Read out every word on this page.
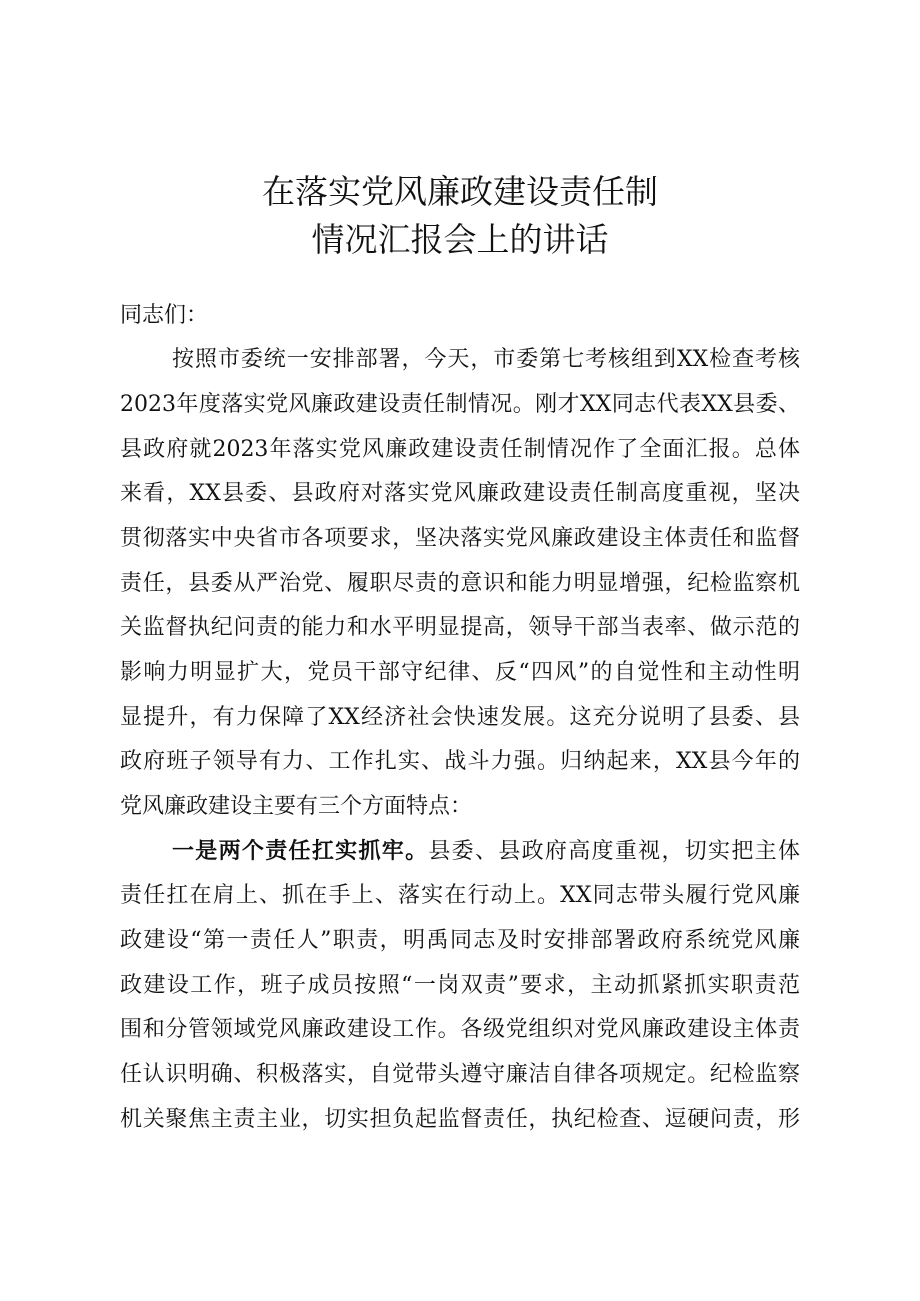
在落实党风廉政建设责任制
情况汇报会上的讲话
同志们：
按照市委统一安排部署，今天，市委第七考核组到XX检查考核
2023年度落实党风廉政建设责任制情况。刚才XX同志代表XX县委、
县政府就2023年落实党风廉政建设责任制情况作了全面汇报。总体
来看，XX县委、县政府对落实党风廉政建设责任制高度重视，坚决
贯彻落实中央省市各项要求，坚决落实党风廉政建设主体责任和监督
责任，县委从严治党、履职尽责的意识和能力明显增强，纪检监察机
关监督执纪问责的能力和水平明显提高，领导干部当表率、做示范的
影响力明显扩大，党员干部守纪律、反“四风”的自觉性和主动性明
显提升，有力保障了XX经济社会快速发展。这充分说明了县委、县
政府班子领导有力、工作扎实、战斗力强。归纳起来，XX县今年的
党风廉政建设主要有三个方面特点：
一是两个责任扛实抓牢。县委、县政府高度重视，切实把主体
责任扛在肩上、抓在手上、落实在行动上。XX同志带头履行党风廉
政建设“第一责任人”职责，明禹同志及时安排部署政府系统党风廉
政建设工作，班子成员按照“一岗双责”要求，主动抓紧抓实职责范
围和分管领域党风廉政建设工作。各级党组织对党风廉政建设主体责
任认识明确、积极落实，自觉带头遵守廉洁自律各项规定。纪检监察
机关聚焦主责主业，切实担负起监督责任，执纪检查、逗硬问责，形
